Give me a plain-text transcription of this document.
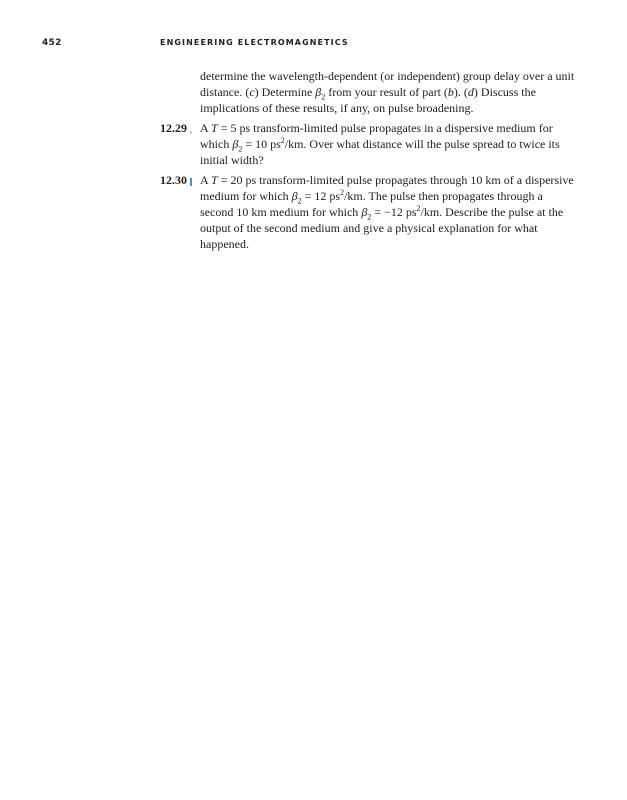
452	ENGINEERING ELECTROMAGNETICS
determine the wavelength-dependent (or independent) group delay over a unit distance. (c) Determine $\beta_2$ from your result of part (b). (d) Discuss the implications of these results, if any, on pulse broadening.
12.29 A T = 5 ps transform-limited pulse propagates in a dispersive medium for which $\beta_2 = 10$ $ps^2/km$. Over what distance will the pulse spread to twice its initial width?
12.30 A T = 20 ps transform-limited pulse propagates through 10 km of a dispersive medium for which $\beta_2 = 12$ $ps^2/km$. The pulse then propagates through a second 10 km medium for which $\beta_2 = -12$ $ps^2/km$. Describe the pulse at the output of the second medium and give a physical explanation for what happened.
